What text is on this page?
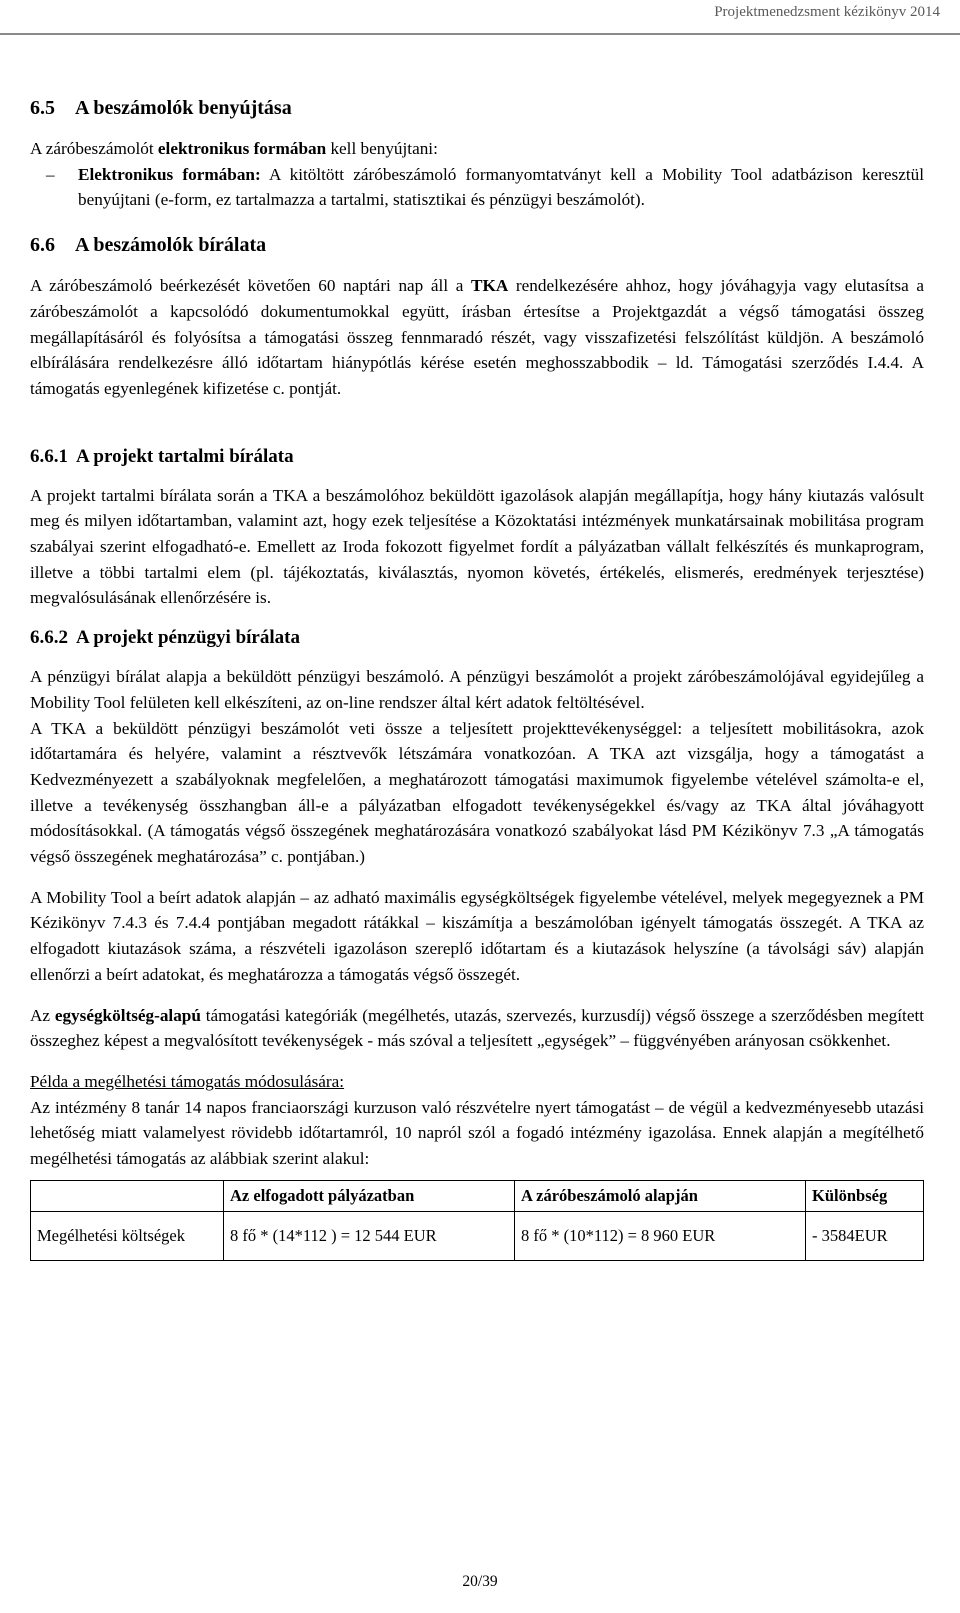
Projektmenedzsment kézikönyv 2014
6.5 A beszámolók benyújtása

A záróbeszámolót elektronikus formában kell benyújtani:

–	Elektronikus formában: A kitöltött záróbeszámoló formanyomtatványt kell a Mobility Tool adatbázison keresztül benyújtani (e-form, ez tartalmazza a tartalmi, statisztikai és pénzügyi beszámolót).

6.6 A beszámolók bírálata

A záróbeszámoló beérkezését követően 60 naptári nap áll a TKA rendelkezésére ahhoz, hogy jóváhagyja vagy elutasítsa a záróbeszámolót a kapcsolódó dokumentumokkal együtt, írásban értesítse a Projektgazdát a végső támogatási összeg megállapításáról és folyósítsa a támogatási összeg fennmaradó részét, vagy visszafizetési felszólítást küldjön. A beszámoló elbírálására rendelkezésre álló időtartam hiánypótlás kérése esetén meghosszabbodik – ld. Támogatási szerződés I.4.4. A támogatás egyenlegének kifizetése c. pontját.

6.6.1 A projekt tartalmi bírálata

A projekt tartalmi bírálata során a TKA a beszámolóhoz beküldött igazolások alapján megállapítja, hogy hány kiutazás valósult meg és milyen időtartamban, valamint azt, hogy ezek teljesítése a Közoktatási intézmények munkatársainak mobilitása program szabályai szerint elfogadható-e. Emellett az Iroda fokozott figyelmet fordít a pályázatban vállalt felkészítés és munkaprogram, illetve a többi tartalmi elem (pl. tájékoztatás, kiválasztás, nyomon követés, értékelés, elismerés, eredmények terjesztése) megvalósulásának ellenőrzésére is.

6.6.2 A projekt pénzügyi bírálata

A pénzügyi bírálat alapja a beküldött pénzügyi beszámoló. A pénzügyi beszámolót a projekt záróbeszámolójával egyidejűleg a Mobility Tool felületen kell elkészíteni, az on-line rendszer által kért adatok feltöltésével.

A TKA a beküldött pénzügyi beszámolót veti össze a teljesített projekttevékenységgel: a teljesített mobilitásokra, azok időtartamára és helyére, valamint a résztvevők létszámára vonatkozóan. A TKA azt vizsgálja, hogy a támogatást a Kedvezményezett a szabályoknak megfelelően, a meghatározott támogatási maximumok figyelembe vételével számolta-e el, illetve a tevékenység összhangban áll-e a pályázatban elfogadott tevékenységekkel és/vagy az TKA által jóváhagyott módosításokkal. (A támogatás végső összegének meghatározására vonatkozó szabályokat lásd PM Kézikönyv 7.3 „A támogatás végső összegének meghatározása” c. pontjában.)

A Mobility Tool a beírt adatok alapján – az adható maximális egységköltségek figyelembe vételével, melyek megegyeznek a PM Kézikönyv 7.4.3 és 7.4.4 pontjában megadott rátákkal – kiszámítja a beszámolóban igényelt támogatás összegét. A TKA az elfogadott kiutazások száma, a részvételi igazoláson szereplő időtartam és a kiutazások helyszíne (a távolsági sáv) alapján ellenőrzi a beírt adatokat, és meghatározza a támogatás végső összegét.

Az egységköltség-alapú támogatási kategóriák (megélhetés, utazás, szervezés, kurzusdíj) végső összege a szerződésben megített összeghez képest a megvalósított tevékenységek - más szóval a teljesített „egységek” – függvényében arányosan csökkenhet.

Példa a megélhetési támogatás módosulására:

Az intézmény 8 tanár 14 napos franciaországi kurzuson való részvételre nyert támogatást – de végül a kedvezményesebb utazási lehetőség miatt valamelyest rövidebb időtartamról, 10 napról szól a fogadó intézmény igazolása. Ennek alapján a megítélhető megélhetési támogatás az alábbiak szerint alakul:

	Az elfogadott pályázatban	A záróbeszámoló alapján	Különbség
Megélhetési költségek	8 fő * (14*112 ) = 12 544 EUR	8 fő * (10*112) = 8 960 EUR	- 3584EUR
20/39
